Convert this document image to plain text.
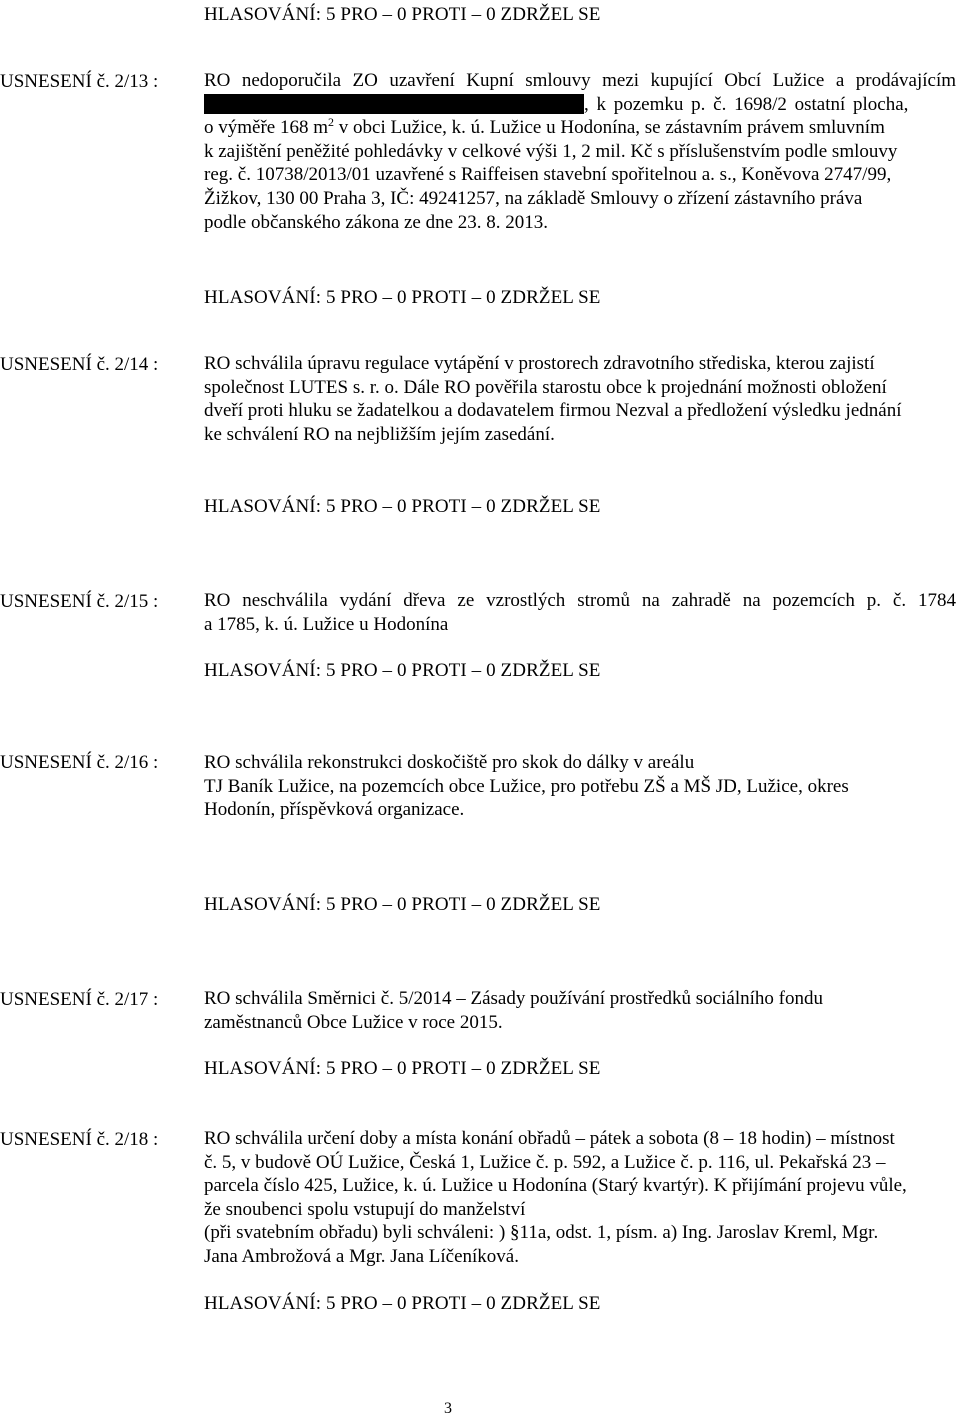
HLASOVÁNÍ: 5 PRO – 0 PROTI – 0 ZDRŽEL SE
USNESENÍ č. 2/13 : RO nedoporučila ZO uzavření Kupní smlouvy mezi kupující Obcí Lužice a prodávajícím
, k pozemku p. č. 1698/2 ostatní plocha,
o výměře 168 $m^2$ v obci Lužice, k. ú. Lužice u Hodonína, se zástavním právem smluvním
k zajištění peněžité pohledávky v celkové výši 1, 2 mil. Kč s příslušenstvím podle smlouvy
reg. č. 10738/2013/01 uzavřené s Raiffeisen stavební spořitelnou a. s., Koněvova 2747/99,
Žižkov, 130 00 Praha 3, IČ: 49241257, na základě Smlouvy o zřízení zástavního práva
podle občanského zákona ze dne 23. 8. 2013.
HLASOVÁNÍ: 5 PRO – 0 PROTI – 0 ZDRŽEL SE
USNESENÍ č. 2/14 : RO schválila úpravu regulace vytápění v prostorech zdravotního střediska, kterou zajistí
společnost LUTES s. r. o. Dále RO pověřila starostu obce k projednání možnosti obložení
dveří proti hluku se žadatelkou a dodavatelem firmou Nezval a předložení výsledku jednání
ke schválení RO na nejbližším jejím zasedání.
HLASOVÁNÍ: 5 PRO – 0 PROTI – 0 ZDRŽEL SE
USNESENÍ č. 2/15 : RO neschválila vydání dřeva ze vzrostlých stromů na zahradě na pozemcích p. č. 1784
a 1785, k. ú. Lužice u Hodonína
HLASOVÁNÍ: 5 PRO – 0 PROTI – 0 ZDRŽEL SE
USNESENÍ č. 2/16 : RO schválila rekonstrukci doskočiště pro skok do dálky v areálu
TJ Baník Lužice, na pozemcích obce Lužice, pro potřebu ZŠ a MŠ JD, Lužice, okres
Hodonín, příspěvková organizace.
HLASOVÁNÍ: 5 PRO – 0 PROTI – 0 ZDRŽEL SE
USNESENÍ č. 2/17 : RO schválila Směrnici č. 5/2014 – Zásady používání prostředků sociálního fondu
zaměstnanců Obce Lužice v roce 2015.
HLASOVÁNÍ: 5 PRO – 0 PROTI – 0 ZDRŽEL SE
USNESENÍ č. 2/18 : RO schválila určení doby a místa konání obřadů – pátek a sobota (8 – 18 hodin) – místnost
č. 5, v budově OÚ Lužice, Česká 1, Lužice č. p. 592, a Lužice č. p. 116, ul. Pekařská 23 –
parcela číslo 425, Lužice, k. ú. Lužice u Hodonína (Starý kvartýr). K přijímání projevu vůle,
že snoubenci spolu vstupují do manželství
(při svatebním obřadu) byli schváleni: ) §11a, odst. 1, písm. a) Ing. Jaroslav Kreml, Mgr.
Jana Ambrožová a Mgr. Jana Líčeníková.
HLASOVÁNÍ: 5 PRO – 0 PROTI – 0 ZDRŽEL SE
3
